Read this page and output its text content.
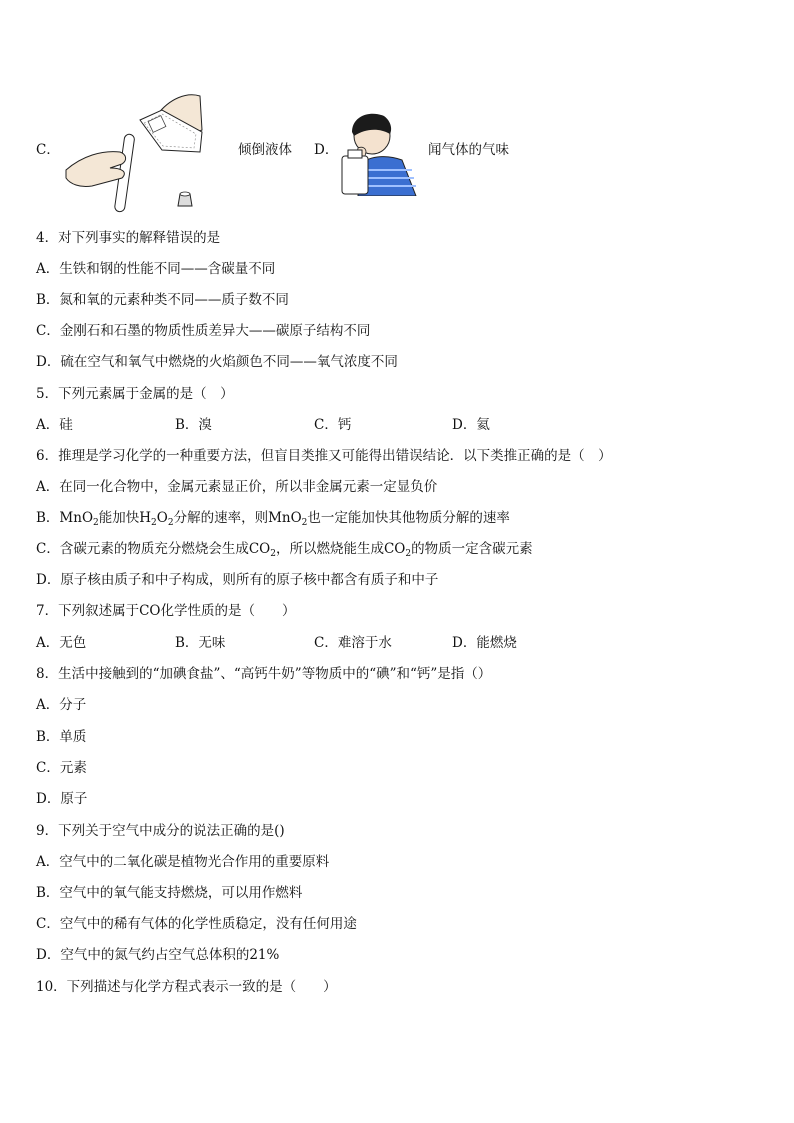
C．	倾倒液体 D．	闻气体的气味
4．对下列事实的解释错误的是
A．生铁和钢的性能不同——含碳量不同
B．氮和氧的元素种类不同——质子数不同
C．金刚石和石墨的物质性质差异大——碳原子结构不同
D．硫在空气和氧气中燃烧的火焰颜色不同——氧气浓度不同
5．下列元素属于金属的是（　）
A．硅	B．溴	C．钙	D．氦
6．推理是学习化学的一种重要方法，但盲目类推又可能得出错误结论．以下类推正确的是（　）
A．在同一化合物中，金属元素显正价，所以非金属元素一定显负价
B．MnO$_2$能加快$H_2O_2$分解的速率，则MnO$_2$也一定能加快其他物质分解的速率
C．含碳元素的物质充分燃烧会生成$CO_2$，所以燃烧能生成$CO_2$的物质一定含碳元素
D．原子核由质子和中子构成，则所有的原子核中都含有质子和中子
7．下列叙述属于CO化学性质的是（　　）
A．无色	B．无味	C．难溶于水	D．能燃烧
8．生活中接触到的“加碘食盐”、“高钙牛奶”等物质中的“碘”和“钙”是指（）
A．分子
B．单质
C．元素
D．原子
9．下列关于空气中成分的说法正确的是()
A．空气中的二氧化碳是植物光合作用的重要原料
B．空气中的氧气能支持燃烧，可以用作燃料
C．空气中的稀有气体的化学性质稳定，没有任何用途
D．空气中的氮气约占空气总体积的21%
10．下列描述与化学方程式表示一致的是（　　）
